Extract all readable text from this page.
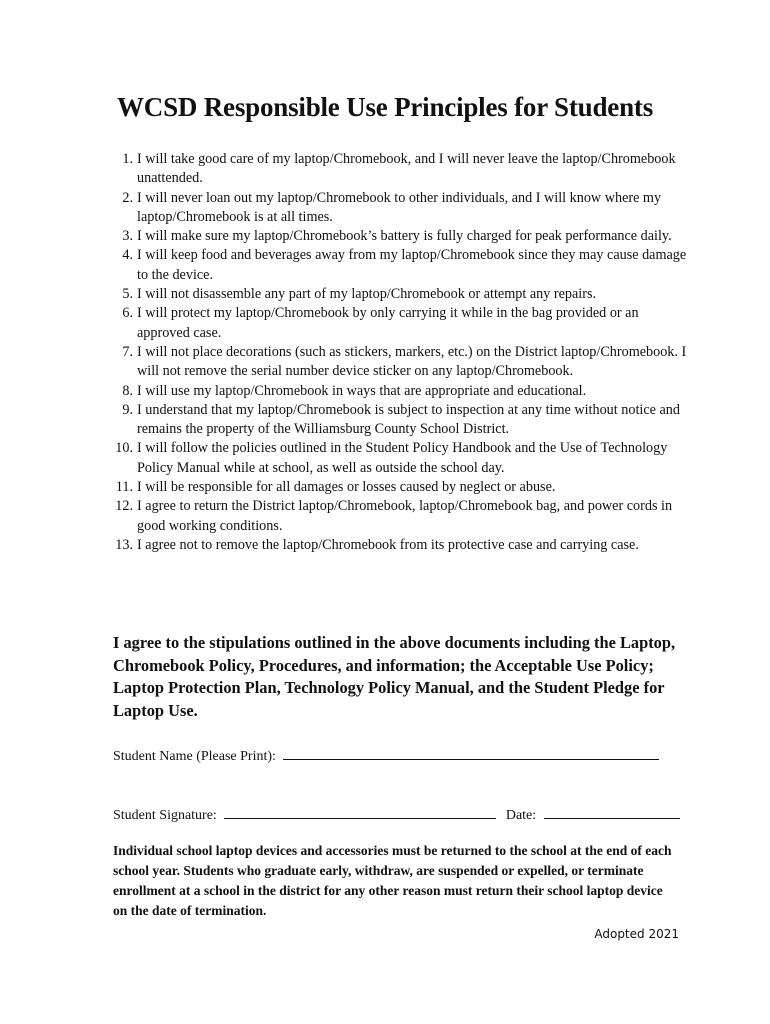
WCSD Responsible Use Principles for Students
1. I will take good care of my laptop/Chromebook, and I will never leave the laptop/Chromebook unattended.
2. I will never loan out my laptop/Chromebook to other individuals, and I will know where my laptop/Chromebook is at all times.
3. I will make sure my laptop/Chromebook’s battery is fully charged for peak performance daily.
4. I will keep food and beverages away from my laptop/Chromebook since they may cause damage to the device.
5. I will not disassemble any part of my laptop/Chromebook or attempt any repairs.
6. I will protect my laptop/Chromebook by only carrying it while in the bag provided or an approved case.
7. I will not place decorations (such as stickers, markers, etc.) on the District laptop/Chromebook. I will not remove the serial number device sticker on any laptop/Chromebook.
8. I will use my laptop/Chromebook in ways that are appropriate and educational.
9. I understand that my laptop/Chromebook is subject to inspection at any time without notice and remains the property of the Williamsburg County School District.
10. I will follow the policies outlined in the Student Policy Handbook and the Use of Technology Policy Manual while at school, as well as outside the school day.
11. I will be responsible for all damages or losses caused by neglect or abuse.
12. I agree to return the District laptop/Chromebook, laptop/Chromebook bag, and power cords in good working conditions.
13. I agree not to remove the laptop/Chromebook from its protective case and carrying case.

I agree to the stipulations outlined in the above documents including the Laptop, Chromebook Policy, Procedures, and information; the Acceptable Use Policy; Laptop Protection Plan, Technology Policy Manual, and the Student Pledge for Laptop Use.

Student Name (Please Print):
Student Signature:	Date:

Individual school laptop devices and accessories must be returned to the school at the end of each school year. Students who graduate early, withdraw, are suspended or expelled, or terminate enrollment at a school in the district for any other reason must return their school laptop device on the date of termination.

Adopted 2021
